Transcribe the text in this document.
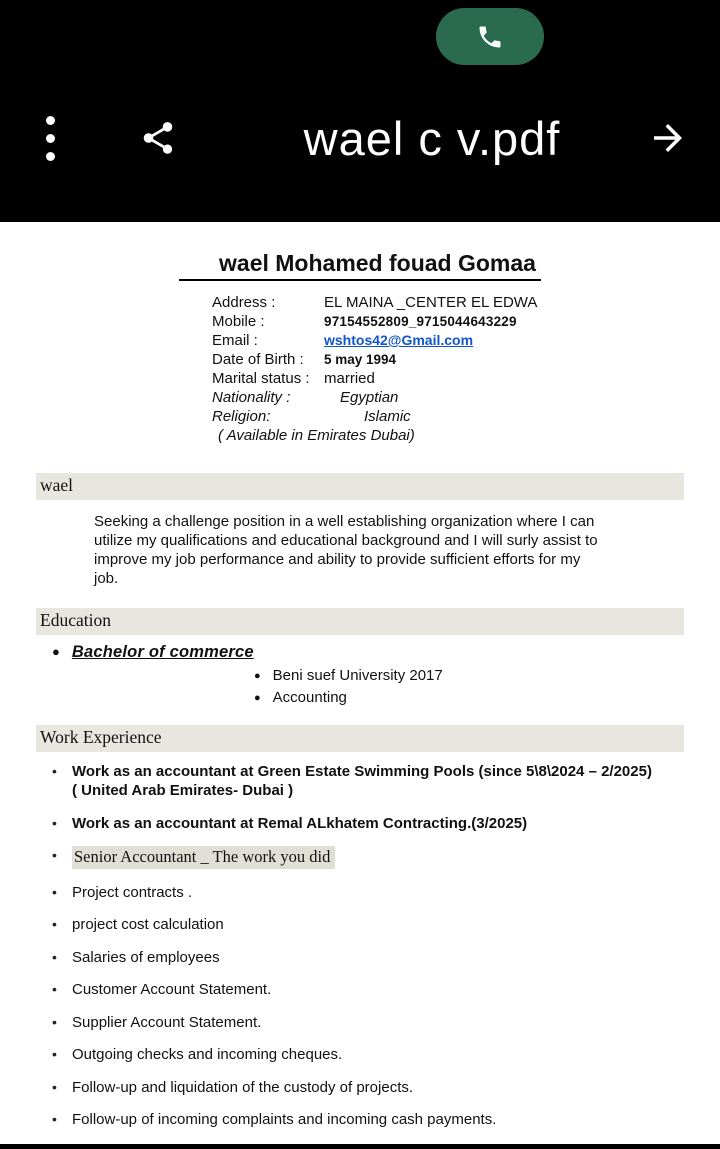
wael c v.pdf
wael Mohamed fouad Gomaa
Address :	EL MAINA _CENTER EL EDWA
Mobile :	97154552809_9715044643229
Email :	wshtos42@Gmail.com
Date of Birth :	5 may 1994
Marital status : married
Nationality :	Egyptian
Religion:	Islamic
( Available in Emirates Dubai)
wael

Seeking a challenge position in a well establishing organization where I can utilize my qualifications and educational background and I will surly assist to improve my job performance and ability to provide sufficient efforts for my job.

Education
● Bachelor of commerce
● Beni suef University 2017
● Accounting
Work Experience
•	Work as an accountant at Green Estate Swimming Pools (since 5\8\2024 – 2/2025)( United Arab Emirates- Dubai )
•	Work as an accountant at Remal ALkhatem Contracting.(3/2025)
•	Senior Accountant _ The work you did
•	Project contracts .
•	project cost calculation
•	Salaries of employees
•	Customer Account Statement.
•	Supplier Account Statement.
•	Outgoing checks and incoming cheques.
•	Follow-up and liquidation of the custody of projects.
•	Follow-up of incoming complaints and incoming cash payments.
